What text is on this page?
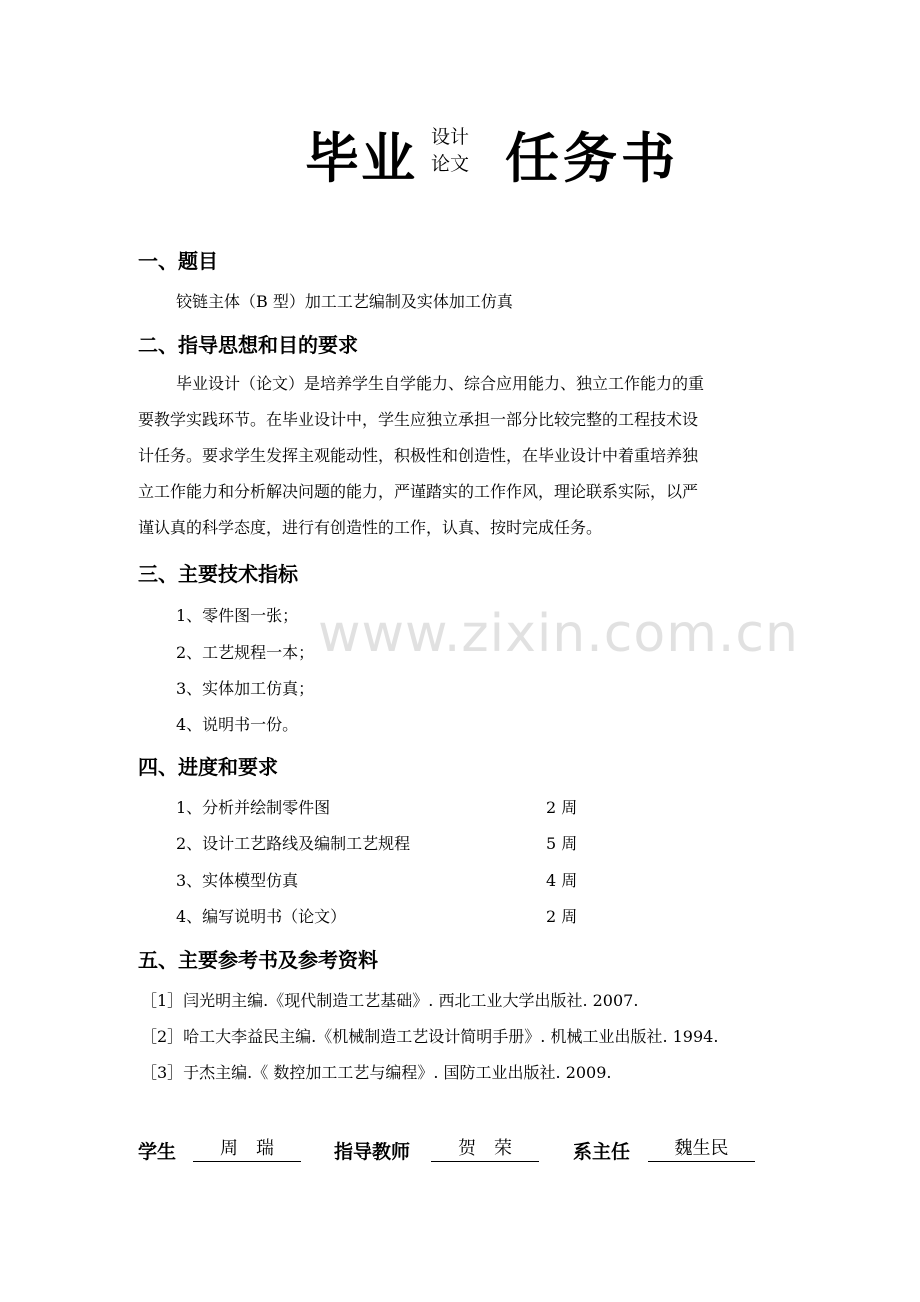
毕业 设计
论文 任务书
一、题目
铰链主体（B 型）加工工艺编制及实体加工仿真
二、指导思想和目的要求
毕业设计（论文）是培养学生自学能力、综合应用能力、独立工作能力的重
要教学实践环节。在毕业设计中，学生应独立承担一部分比较完整的工程技术设
计任务。要求学生发挥主观能动性，积极性和创造性，在毕业设计中着重培养独
立工作能力和分析解决问题的能力，严谨踏实的工作作风，理论联系实际，以严
谨认真的科学态度，进行有创造性的工作，认真、按时完成任务。
三、主要技术指标
1、零件图一张；
2、工艺规程一本；
3、实体加工仿真；
4、说明书一份。
四、进度和要求
1、分析并绘制零件图	2 周
2、设计工艺路线及编制工艺规程	5 周
3、实体模型仿真	4 周
4、编写说明书（论文）	2 周
五、主要参考书及参考资料
［1］闫光明主编.《现代制造工艺基础》. 西北工业大学出版社. 2007.
［2］哈工大李益民主编.《机械制造工艺设计简明手册》. 机械工业出版社. 1994.
［3］于杰主编.《 数控加工工艺与编程》. 国防工业出版社. 2009.
学生	周　瑞	指导教师	贺　荣	系主任	魏生民
www.zixin.com.cn
